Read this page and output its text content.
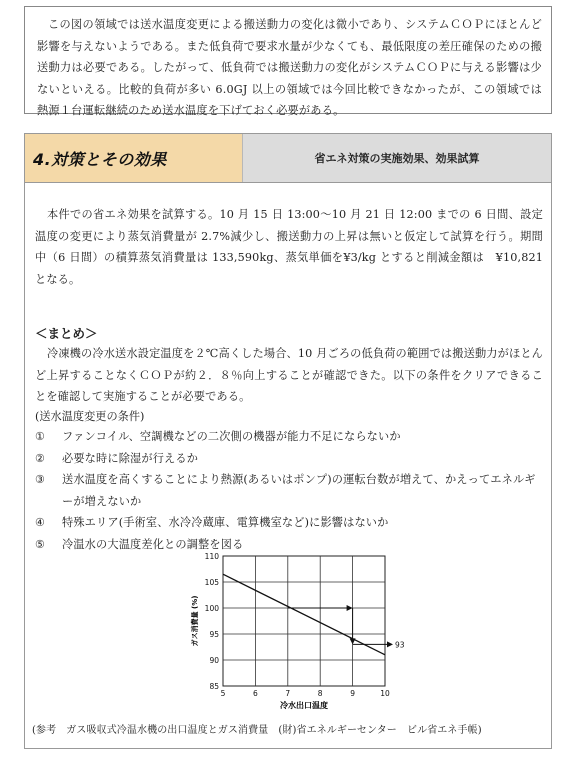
この図の領域では送水温度変更による搬送動力の変化は微小であり、システムＣＯＰにほとんど影響を与えないようである。また低負荷で要求水量が少なくても、最低限度の差圧確保のための搬送動力は必要である。したがって、低負荷では搬送動力の変化がシステムＣＯＰに与える影響は少ないといえる。比較的負荷が多い 6.0GJ 以上の領域では今回比較できなかったが、この領域では熱源１台運転継続のため送水温度を下げておく必要がある。
4.対策とその効果	省エネ対策の実施効果、効果試算

本件での省エネ効果を試算する。10 月 15 日 13:00～10 月 21 日 12:00 までの 6 日間、設定温度の変更により蒸気消費量が 2.7%減少し、搬送動力の上昇は無いと仮定して試算を行う。期間中（6 日間）の積算蒸気消費量は 133,590kg、蒸気単価を¥3/kg とすると削減金額は　¥10,821　となる。

＜まとめ＞

冷凍機の冷水送水設定温度を２℃高くした場合、10 月ごろの低負荷の範囲では搬送動力がほとんど上昇することなくＣＯＰが約２．８％向上することが確認できた。以下の条件をクリアできることを確認して実施することが必要である。

(送水温度変更の条件)

①	ファンコイル、空調機などの二次側の機器が能力不足にならないか
②	必要な時に除湿が行えるか
③	送水温度を高くすることにより熱源(あるいはポンプ)の運転台数が増えて、かえってエネルギーが増えないか
④	特殊エリア(手術室、水冷冷蔵庫、電算機室など)に影響はないか
⑤	冷温水の大温度差化との調整を図る
5	6	7	8	9	10
85
90
95
100
105
110
93
冷水出口温度
ガス消費量 (%)

(参考　ガス吸収式冷温水機の出口温度とガス消費量　(財)省エネルギーセンター　ビル省エネ手帳)
